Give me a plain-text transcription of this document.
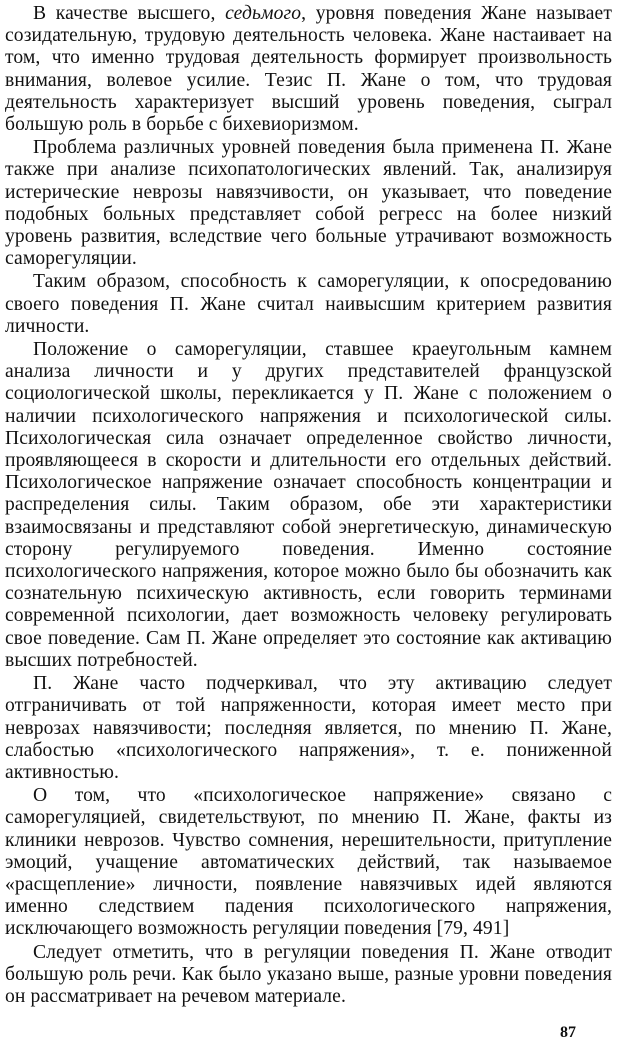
В качестве высшего, седьмого, уровня поведения Жане называет созидательную, трудовую деятельность человека. Жане настаивает на том, что именно трудовая деятельность формирует произвольность внимания, волевое усилие. Тезис П. Жане о том, что трудовая деятельность характеризует высший уровень поведения, сыграл большую роль в борьбе с бихевиоризмом.

Проблема различных уровней поведения была применена П. Жане также при анализе психопатологических явлений. Так, анализируя истерические неврозы навязчивости, он указывает, что поведение подобных больных представляет собой регресс на более низкий уровень развития, вследствие чего больные утрачивают возможность саморегуляции.

Таким образом, способность к саморегуляции, к опосредованию своего поведения П. Жане считал наивысшим критерием развития личности.

Положение о саморегуляции, ставшее краеугольным камнем анализа личности и у других представителей французской социологической школы, перекликается у П. Жане с положением о наличии психологического напряжения и психологической силы. Психологическая сила означает определенное свойство личности, проявляющееся в скорости и длительности его отдельных действий. Психологическое напряжение означает способность концентрации и распределения силы. Таким образом, обе эти характеристики взаимосвязаны и представляют собой энергетическую, динамическую сторону регулируемого поведения. Именно состояние психологического напряжения, которое можно было бы обозначить как сознательную психическую активность, если говорить терминами современной психологии, дает возможность человеку регулировать свое поведение. Сам П. Жане определяет это состояние как активацию высших потребностей.

П. Жане часто подчеркивал, что эту активацию следует отграничивать от той напряженности, которая имеет место при неврозах навязчивости; последняя является, по мнению П. Жане, слабостью «психологического напряжения», т. е. пониженной активностью.

О том, что «психологическое напряжение» связано с саморегуляцией, свидетельствуют, по мнению П. Жане, факты из клиники неврозов. Чувство сомнения, нерешительности, притупление эмоций, учащение автоматических действий, так называемое «расщепление» личности, появление навязчивых идей являются именно следствием падения психологического напряжения, исключающего возможность регуляции поведения [79, 491]

Следует отметить, что в регуляции поведения П. Жане отводит большую роль речи. Как было указано выше, разные уровни поведения он рассматривает на речевом материале.

87
